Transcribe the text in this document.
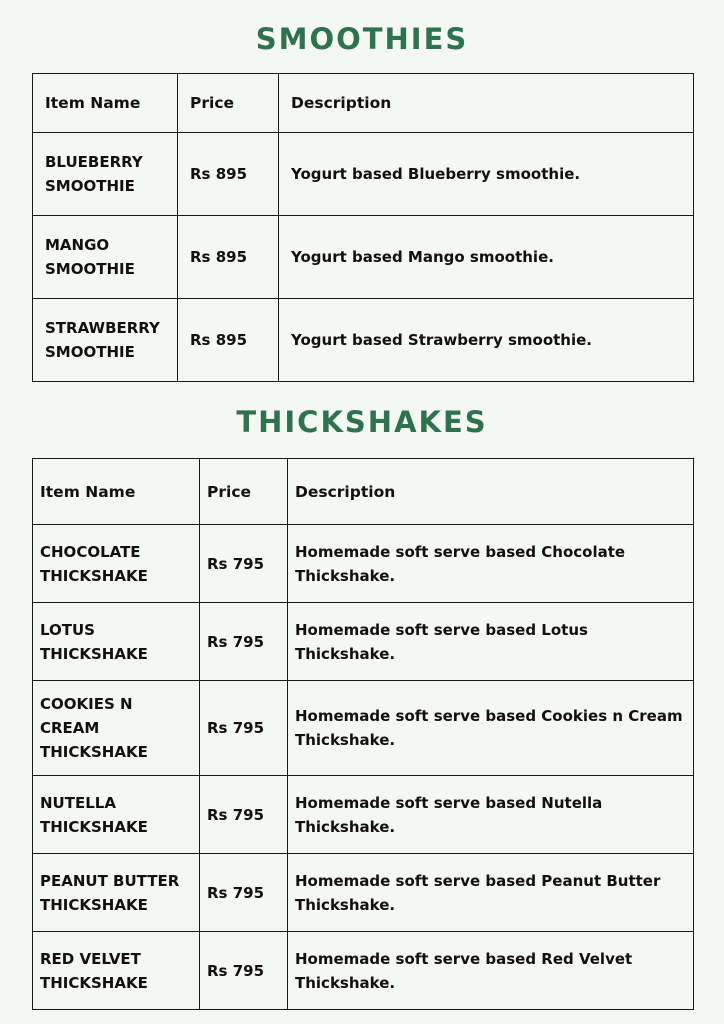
SMOOTHIES
Item Name	Price	Description
BLUEBERRY SMOOTHIE	Rs 895	Yogurt based Blueberry smoothie.
MANGO SMOOTHIE	Rs 895	Yogurt based Mango smoothie.
STRAWBERRY SMOOTHIE	Rs 895	Yogurt based Strawberry smoothie.
THICKSHAKES
Item Name	Price	Description
CHOCOLATE THICKSHAKE	Rs 795	Homemade soft serve based Chocolate Thickshake.
LOTUS THICKSHAKE	Rs 795	Homemade soft serve based Lotus Thickshake.
COOKIES N CREAM THICKSHAKE	Rs 795	Homemade soft serve based Cookies n Cream Thickshake.
NUTELLA THICKSHAKE	Rs 795	Homemade soft serve based Nutella Thickshake.
PEANUT BUTTER THICKSHAKE	Rs 795	Homemade soft serve based Peanut Butter Thickshake.
RED VELVET THICKSHAKE	Rs 795	Homemade soft serve based Red Velvet Thickshake.
